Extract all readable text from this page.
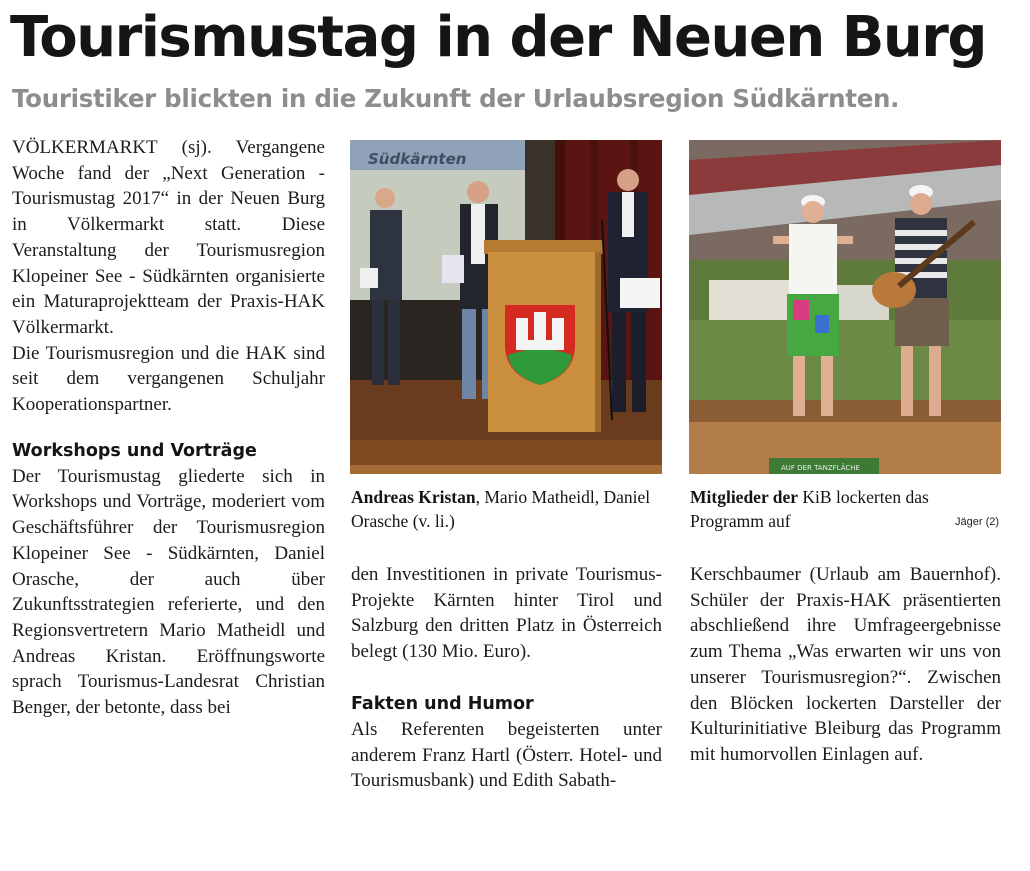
Tourismustag in der Neuen Burg
Touristiker blickten in die Zukunft der Urlaubsregion Südkärnten.

VÖLKERMARKT (sj). Vergangene Woche fand der „Next Generation - Tourismustag 2017“ in der Neuen Burg in Völkermarkt statt. Diese Veranstaltung der Tourismusregion Klopeiner See - Südkärnten organisierte ein Maturaprojektteam der Praxis-HAK Völkermarkt.

Die Tourismusregion und die HAK sind seit dem vergangenen Schuljahr Kooperationspartner.

Workshops und Vorträge

Der Tourismustag gliederte sich in Workshops und Vorträge, moderiert vom Geschäftsführer der Tourismusregion Klopeiner See - Südkärnten, Daniel Orasche, der auch über Zukunftsstrategien referierte, und den Regionsvertretern Mario Matheidl und Andreas Kristan. Eröffnungsworte sprach Tourismus-Landesrat Christian Benger, der betonte, dass bei

Südkärnten
AUF DER TANZFLÄCHE
Andreas Kristan, Mario Matheidl, Daniel Orasche (v. li.)
Mitglieder der KiB lockerten das Programm auf	Jäger (2)

den Investitionen in private Tourismus-Projekte Kärnten hinter Tirol und Salzburg den dritten Platz in Österreich belegt (130 Mio. Euro).

Fakten und Humor

Als Referenten begeisterten unter anderem Franz Hartl (Österr. Hotel- und Tourismusbank) und Edith Sabath-

Kerschbaumer (Urlaub am Bauernhof). Schüler der Praxis-HAK präsentierten abschließend ihre Umfrageergebnisse zum Thema „Was erwarten wir uns von unserer Tourismusregion?“. Zwischen den Blöcken lockerten Darsteller der Kulturinitiative Bleiburg das Programm mit humorvollen Einlagen auf.
